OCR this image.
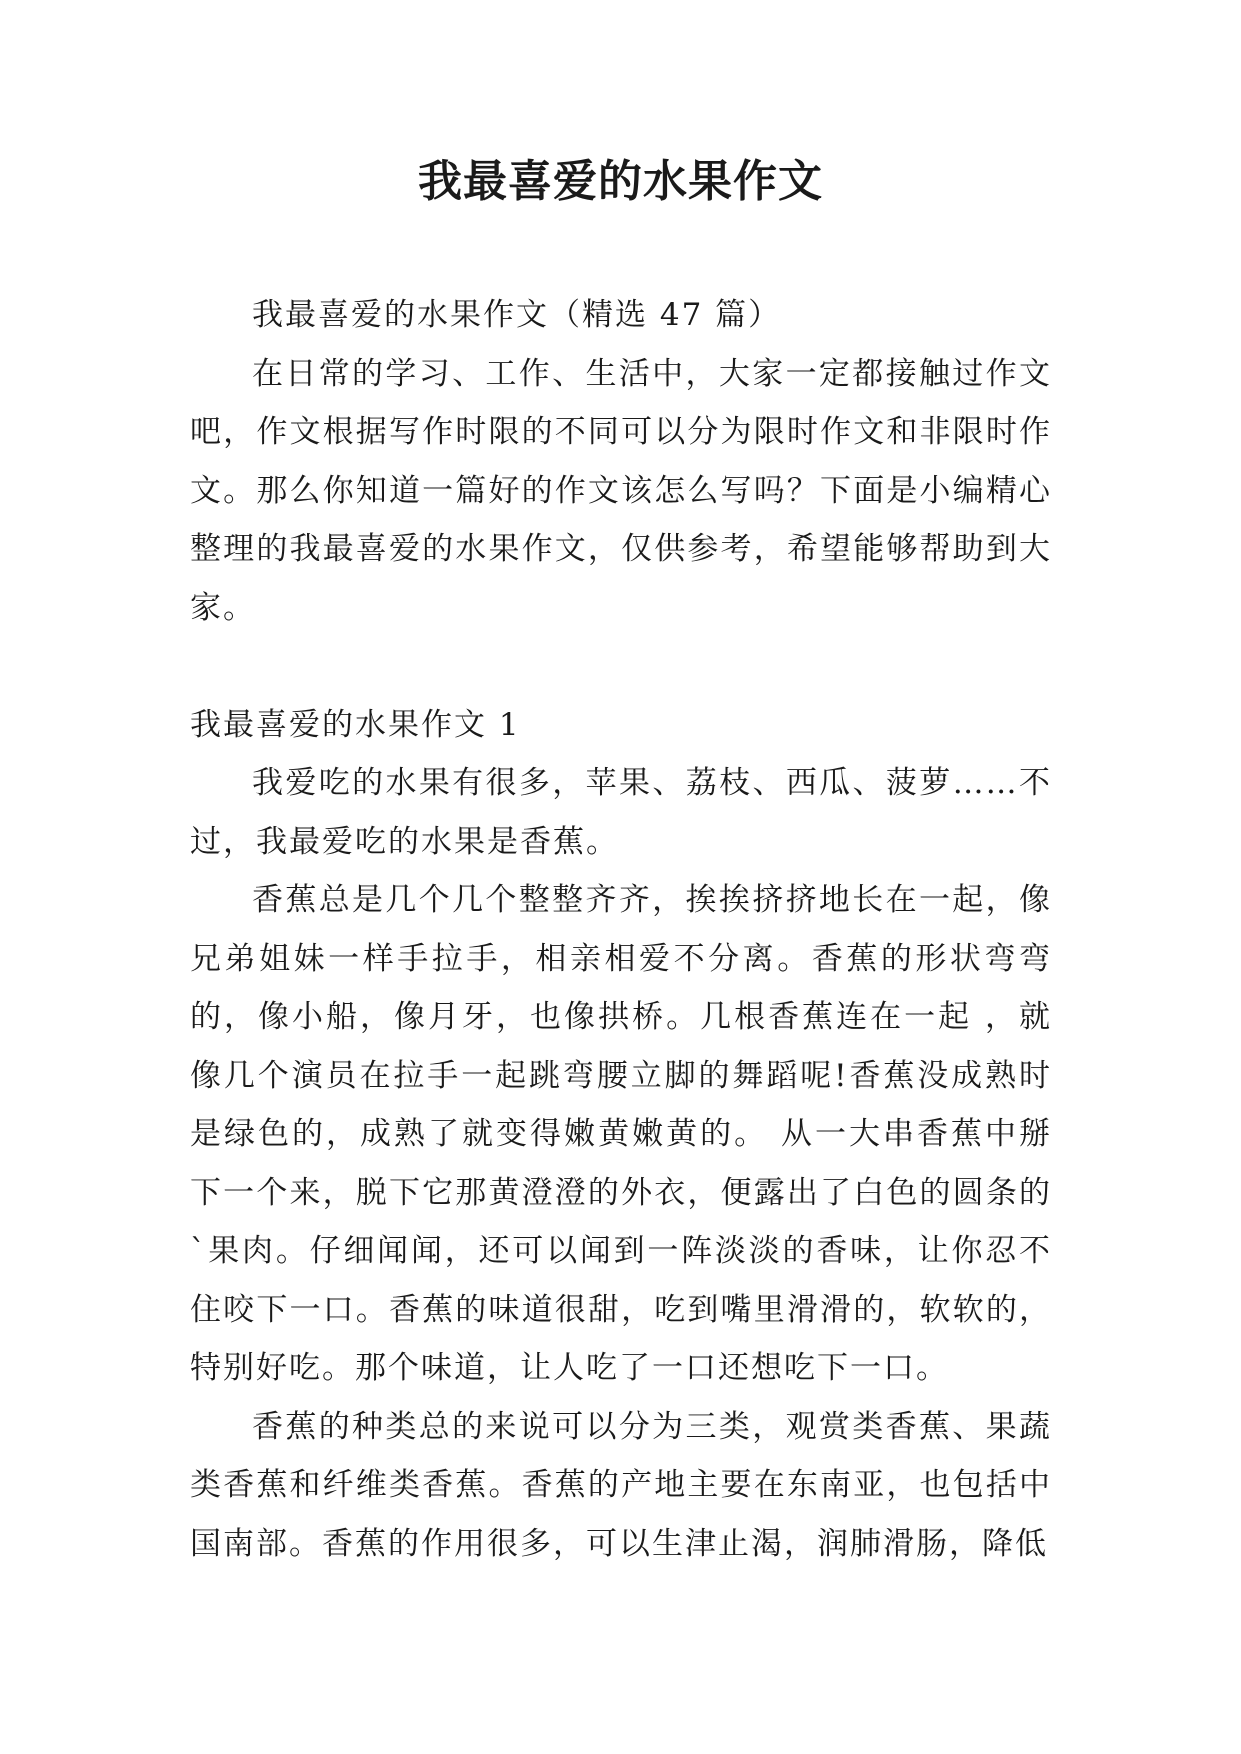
我最喜爱的水果作文

我最喜爱的水果作文（精选 47 篇）

在日常的学习、工作、生活中，大家一定都接触过作文吧，作文根据写作时限的不同可以分为限时作文和非限时作文。那么你知道一篇好的作文该怎么写吗？下面是小编精心整理的我最喜爱的水果作文，仅供参考，希望能够帮助到大家。

我最喜爱的水果作文 1

我爱吃的水果有很多，苹果、荔枝、西瓜、菠萝……不过，我最爱吃的水果是香蕉。

香蕉总是几个几个整整齐齐，挨挨挤挤地长在一起，像兄弟姐妹一样手拉手，相亲相爱不分离。香蕉的形状弯弯的，像小船，像月牙，也像拱桥。几根香蕉连在一起 ，就像几个演员在拉手一起跳弯腰立脚的舞蹈呢!香蕉没成熟时是绿色的，成熟了就变得嫩黄嫩黄的。 从一大串香蕉中掰下一个来，脱下它那黄澄澄的外衣，便露出了白色的圆条的`果肉。仔细闻闻，还可以闻到一阵淡淡的香味，让你忍不住咬下一口。香蕉的味道很甜，吃到嘴里滑滑的，软软的，特别好吃。那个味道，让人吃了一口还想吃下一口。

香蕉的种类总的来说可以分为三类，观赏类香蕉、果蔬类香蕉和纤维类香蕉。香蕉的产地主要在东南亚，也包括中国南部。香蕉的作用很多，可以生津止渴，润肺滑肠，降低
